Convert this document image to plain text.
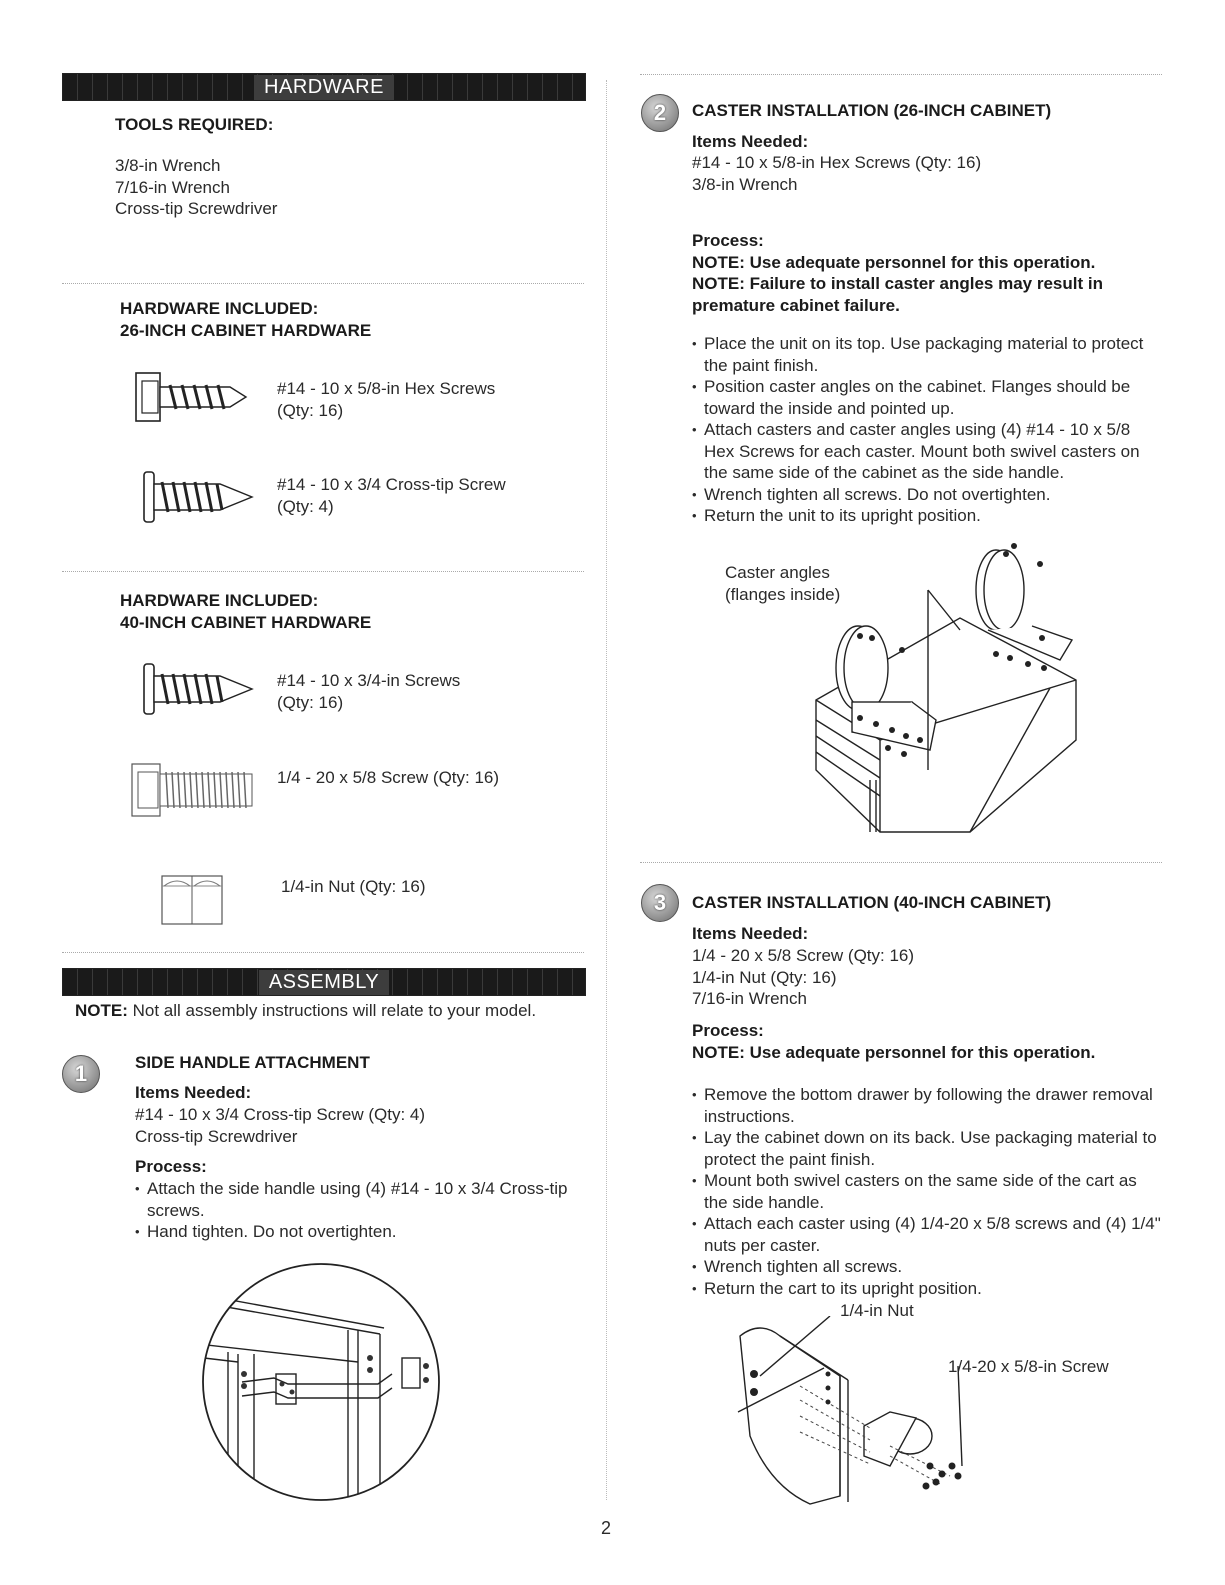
HARDWARE
TOOLS REQUIRED:
3/8-in Wrench
7/16-in Wrench
Cross-tip Screwdriver
HARDWARE INCLUDED:
26-INCH CABINET HARDWARE
#14 - 10 x 5/8-in Hex Screws
(Qty: 16)
#14 - 10 x 3/4 Cross-tip Screw
(Qty: 4)
HARDWARE INCLUDED:
40-INCH CABINET HARDWARE
#14 - 10 x 3/4-in Screws
(Qty: 16)
1/4 - 20 x 5/8 Screw (Qty: 16)
1/4-in Nut (Qty: 16)
ASSEMBLY
NOTE: Not all assembly instructions will relate to your model.
1	SIDE HANDLE ATTACHMENT
Items Needed:
#14 - 10 x 3/4 Cross-tip Screw (Qty: 4)
Cross-tip Screwdriver
Process:
• Attach the side handle using (4) #14 - 10 x 3/4 Cross-tip screws.
• Hand tighten. Do not overtighten.
2	CASTER INSTALLATION (26-INCH CABINET)
Items Needed:
#14 - 10 x 5/8-in Hex Screws (Qty: 16)
3/8-in Wrench
Process:
NOTE: Use adequate personnel for this operation.
NOTE: Failure to install caster angles may result in premature cabinet failure.
• Place the unit on its top. Use packaging material to protect the paint finish.
• Position caster angles on the cabinet. Flanges should be toward the inside and pointed up.
• Attach casters and caster angles using (4) #14 - 10 x 5/8 Hex Screws for each caster. Mount both swivel casters on the same side of the cabinet as the side handle.
• Wrench tighten all screws. Do not overtighten.
• Return the unit to its upright position.
Caster angles
(flanges inside)
3	CASTER INSTALLATION (40-INCH CABINET)
Items Needed:
1/4 - 20 x 5/8 Screw (Qty: 16)
1/4-in Nut (Qty: 16)
7/16-in Wrench
Process:
NOTE: Use adequate personnel for this operation.
• Remove the bottom drawer by following the drawer removal instructions.
• Lay the cabinet down on its back. Use packaging material to protect the paint finish.
• Mount both swivel casters on the same side of the cart as the side handle.
• Attach each caster using (4) 1/4-20 x 5/8 screws and (4) 1/4" nuts per caster.
• Wrench tighten all screws.
• Return the cart to its upright position.
1/4-in Nut
1/4-20 x 5/8-in Screw
2
